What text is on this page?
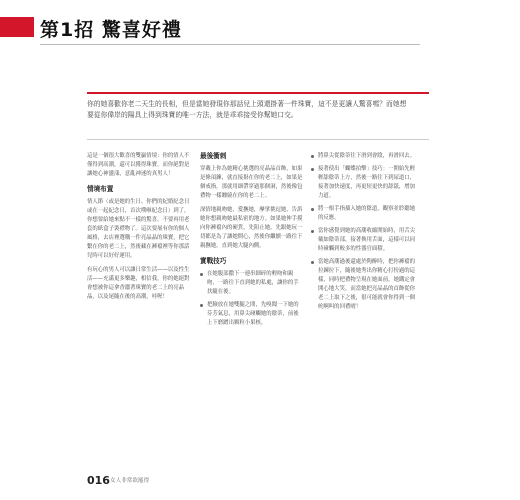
第1招 驚喜好禮

你的她喜歡你老二天生的長相，但是當她發現你那話兒上頭還掛著一件珠寶，這不是更讓人驚喜嗎？而她想要從你偉岸的陽具上得到珠寶的唯一方法，就是乖乖接受你幫她口交。

這是一個很大歡喜的雙贏情境：你的情人不僅得到高潮，還可以獲得珠寶。而你絕對是讓她心神盪漾，意亂神迷的真男人！

情境布置

情人節（或是她的生日、你們的紀婚紀念日或在一起紀念日，首次噗咻紀念日）到了，你想要給她來點不一樣的驚喜，不要再用老套的紙盒子裝禮物了。這次要展有你的個人風格，去店裡選購一件亮晶晶的珠寶，把它繫在你的老二上，然後藏在褲襠裡等你那話兒時可以好好運用。

有玩心的男人可以讓日常生活——以及性生活——充滿更多樂趣，相信我，你的她絕對會想被你這拿香灑著珠寶的老二上的亮晶晶，以及尾隨在後的高潮，哇喔！

最後衝刺

穿戴上你為她精心挑選的亮晶晶首飾，如果是條項鍊，就直接掛在你的老二上，如果是個戒指，那就用細帶穿過那個洞，然後像包禮物一樣纏繞在你的老二上。

深情地親吻她，愛撫她，摩挲挑逗她，告訴她你想親吻她最私密的地方。如果她伸手摸向你褲襠內的硬貨，先阻止她，先跟她玩一切都是為了讓她開心，然後你繼續一路往下親撫她，直到她大腿內側。

實戰技巧
在她腹部撒下一連串細碎的輕吻和親吻，一路往下直到她的私處，讓你的手扶隨在後。
把臉放在她雙腿之間，先嗅聞一下她的芬芳氣息，用鼻尖碰觸她的陰蒂，前後上下磨蹭出顆粒小果核。
將鼻尖從陰蒂往下滑到會陰，再滑回去。
接著使出「蝴蝶拍擊」技巧：一開始先輕輕舔陰蒂上方，然後一路往下到尿道口，接著加快速度，再更短更快的舔舐，增加力道。
將一根手指插入她的陰道，觀察並聆聽她的反應。
當你感覺到她的高潮收縮開始時，用舌尖戴如陰蒂部，接著換用舌面，這樣可以同時碰觸到較多的性器官面積。
當她高潮過後還處於陶醉時，把你褲襠的拉鍊拉下，隨後她秀出你精心打扮過的這樣，同時把禮物呈現在她面前，她鐵定會開心地大笑。而當她把亮晶晶的首飾從你老二上取下之後，很可能就會你得到一個吮啊叫的回禮唷！
016 女人非常欲罷得
